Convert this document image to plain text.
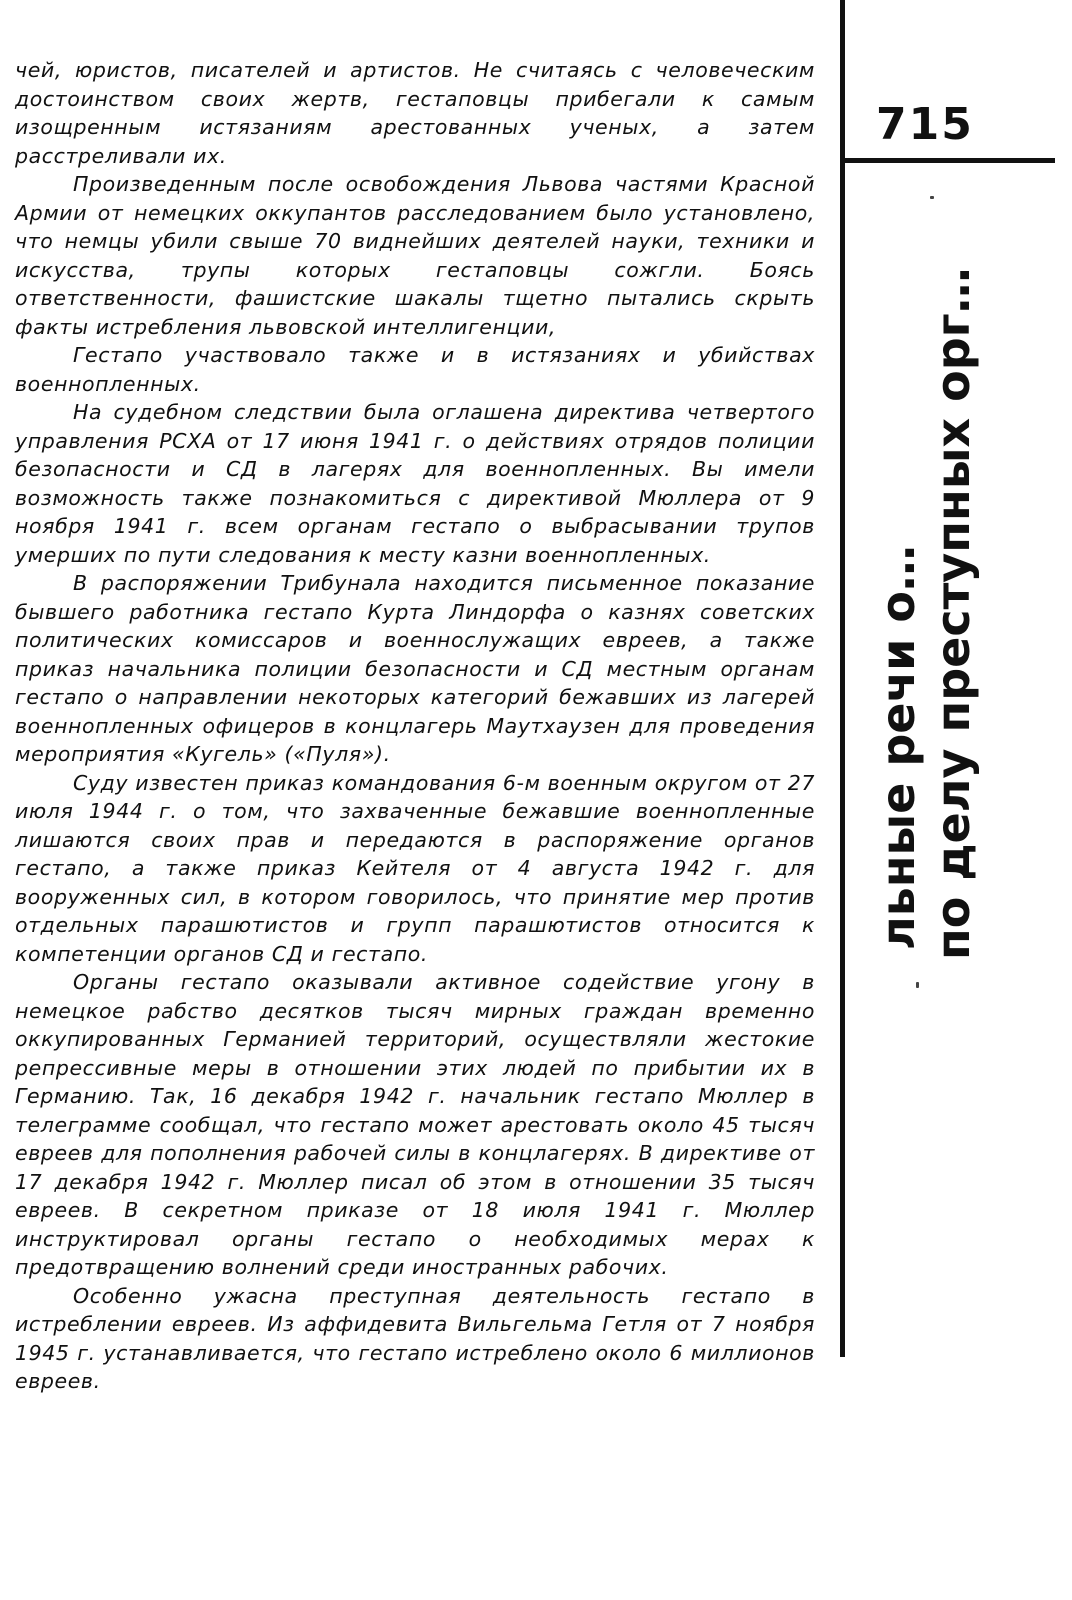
чей, юристов, писателей и артистов. Не считаясь с человеческим достоинством своих жертв, гестаповцы прибегали к самым изощренным истязаниям арестованных ученых, а затем расстреливали их.

Произведенным после освобождения Львова частями Красной Армии от немецких оккупантов расследованием было установлено, что немцы убили свыше 70 виднейших деятелей науки, техники и искусства, трупы которых гестаповцы сожгли. Боясь ответственности, фашистские шакалы тщетно пытались скрыть факты истребления львовской интеллигенции,

Гестапо участвовало также и в истязаниях и убийствах военнопленных.

На судебном следствии была оглашена директива четвертого управления РСХА от 17 июня 1941 г. о действиях отрядов полиции безопасности и СД в лагерях для военнопленных. Вы имели возможность также познакомиться с директивой Мюллера от 9 ноября 1941 г. всем органам гестапо о выбрасывании трупов умерших по пути следования к месту казни военнопленных.

В распоряжении Трибунала находится письменное показание бывшего работника гестапо Курта Линдорфа о казнях советских политических комиссаров и военнослужащих евреев, а также приказ начальника полиции безопасности и СД местным органам гестапо о направлении некоторых категорий бежавших из лагерей военнопленных офицеров в концлагерь Маутхаузен для проведения мероприятия «Кугель» («Пуля»).

Суду известен приказ командования 6-м военным округом от 27 июля 1944 г. о том, что захваченные бежавшие военнопленные лишаются своих прав и передаются в распоряжение органов гестапо, а также приказ Кейтеля от 4 августа 1942 г. для вооруженных сил, в котором говорилось, что принятие мер против отдельных парашютистов и групп парашютистов относится к компетенции органов СД и гестапо.

Органы гестапо оказывали активное содействие угону в немецкое рабство десятков тысяч мирных граждан временно оккупированных Германией территорий, осуществляли жестокие репрессивные меры в отношении этих людей по прибытии их в Германию. Так, 16 декабря 1942 г. начальник гестапо Мюллер в телеграмме сообщал, что гестапо может арестовать около 45 тысяч евреев для пополнения рабочей силы в концлагерях. В директиве от 17 декабря 1942 г. Мюллер писал об этом в отношении 35 тысяч евреев. В секретном приказе от 18 июля 1941 г. Мюллер инструктировал органы гестапо о необходимых мерах к предотвращению волнений среди иностранных рабочих.

Особенно ужасна преступная деятельность гестапо в истреблении евреев. Из аффидевита Вильгельма Гетля от 7 ноября 1945 г. устанавливается, что гестапо истреблено около 6 миллионов евреев.

715
льные речи о… по делу преступных орг…
